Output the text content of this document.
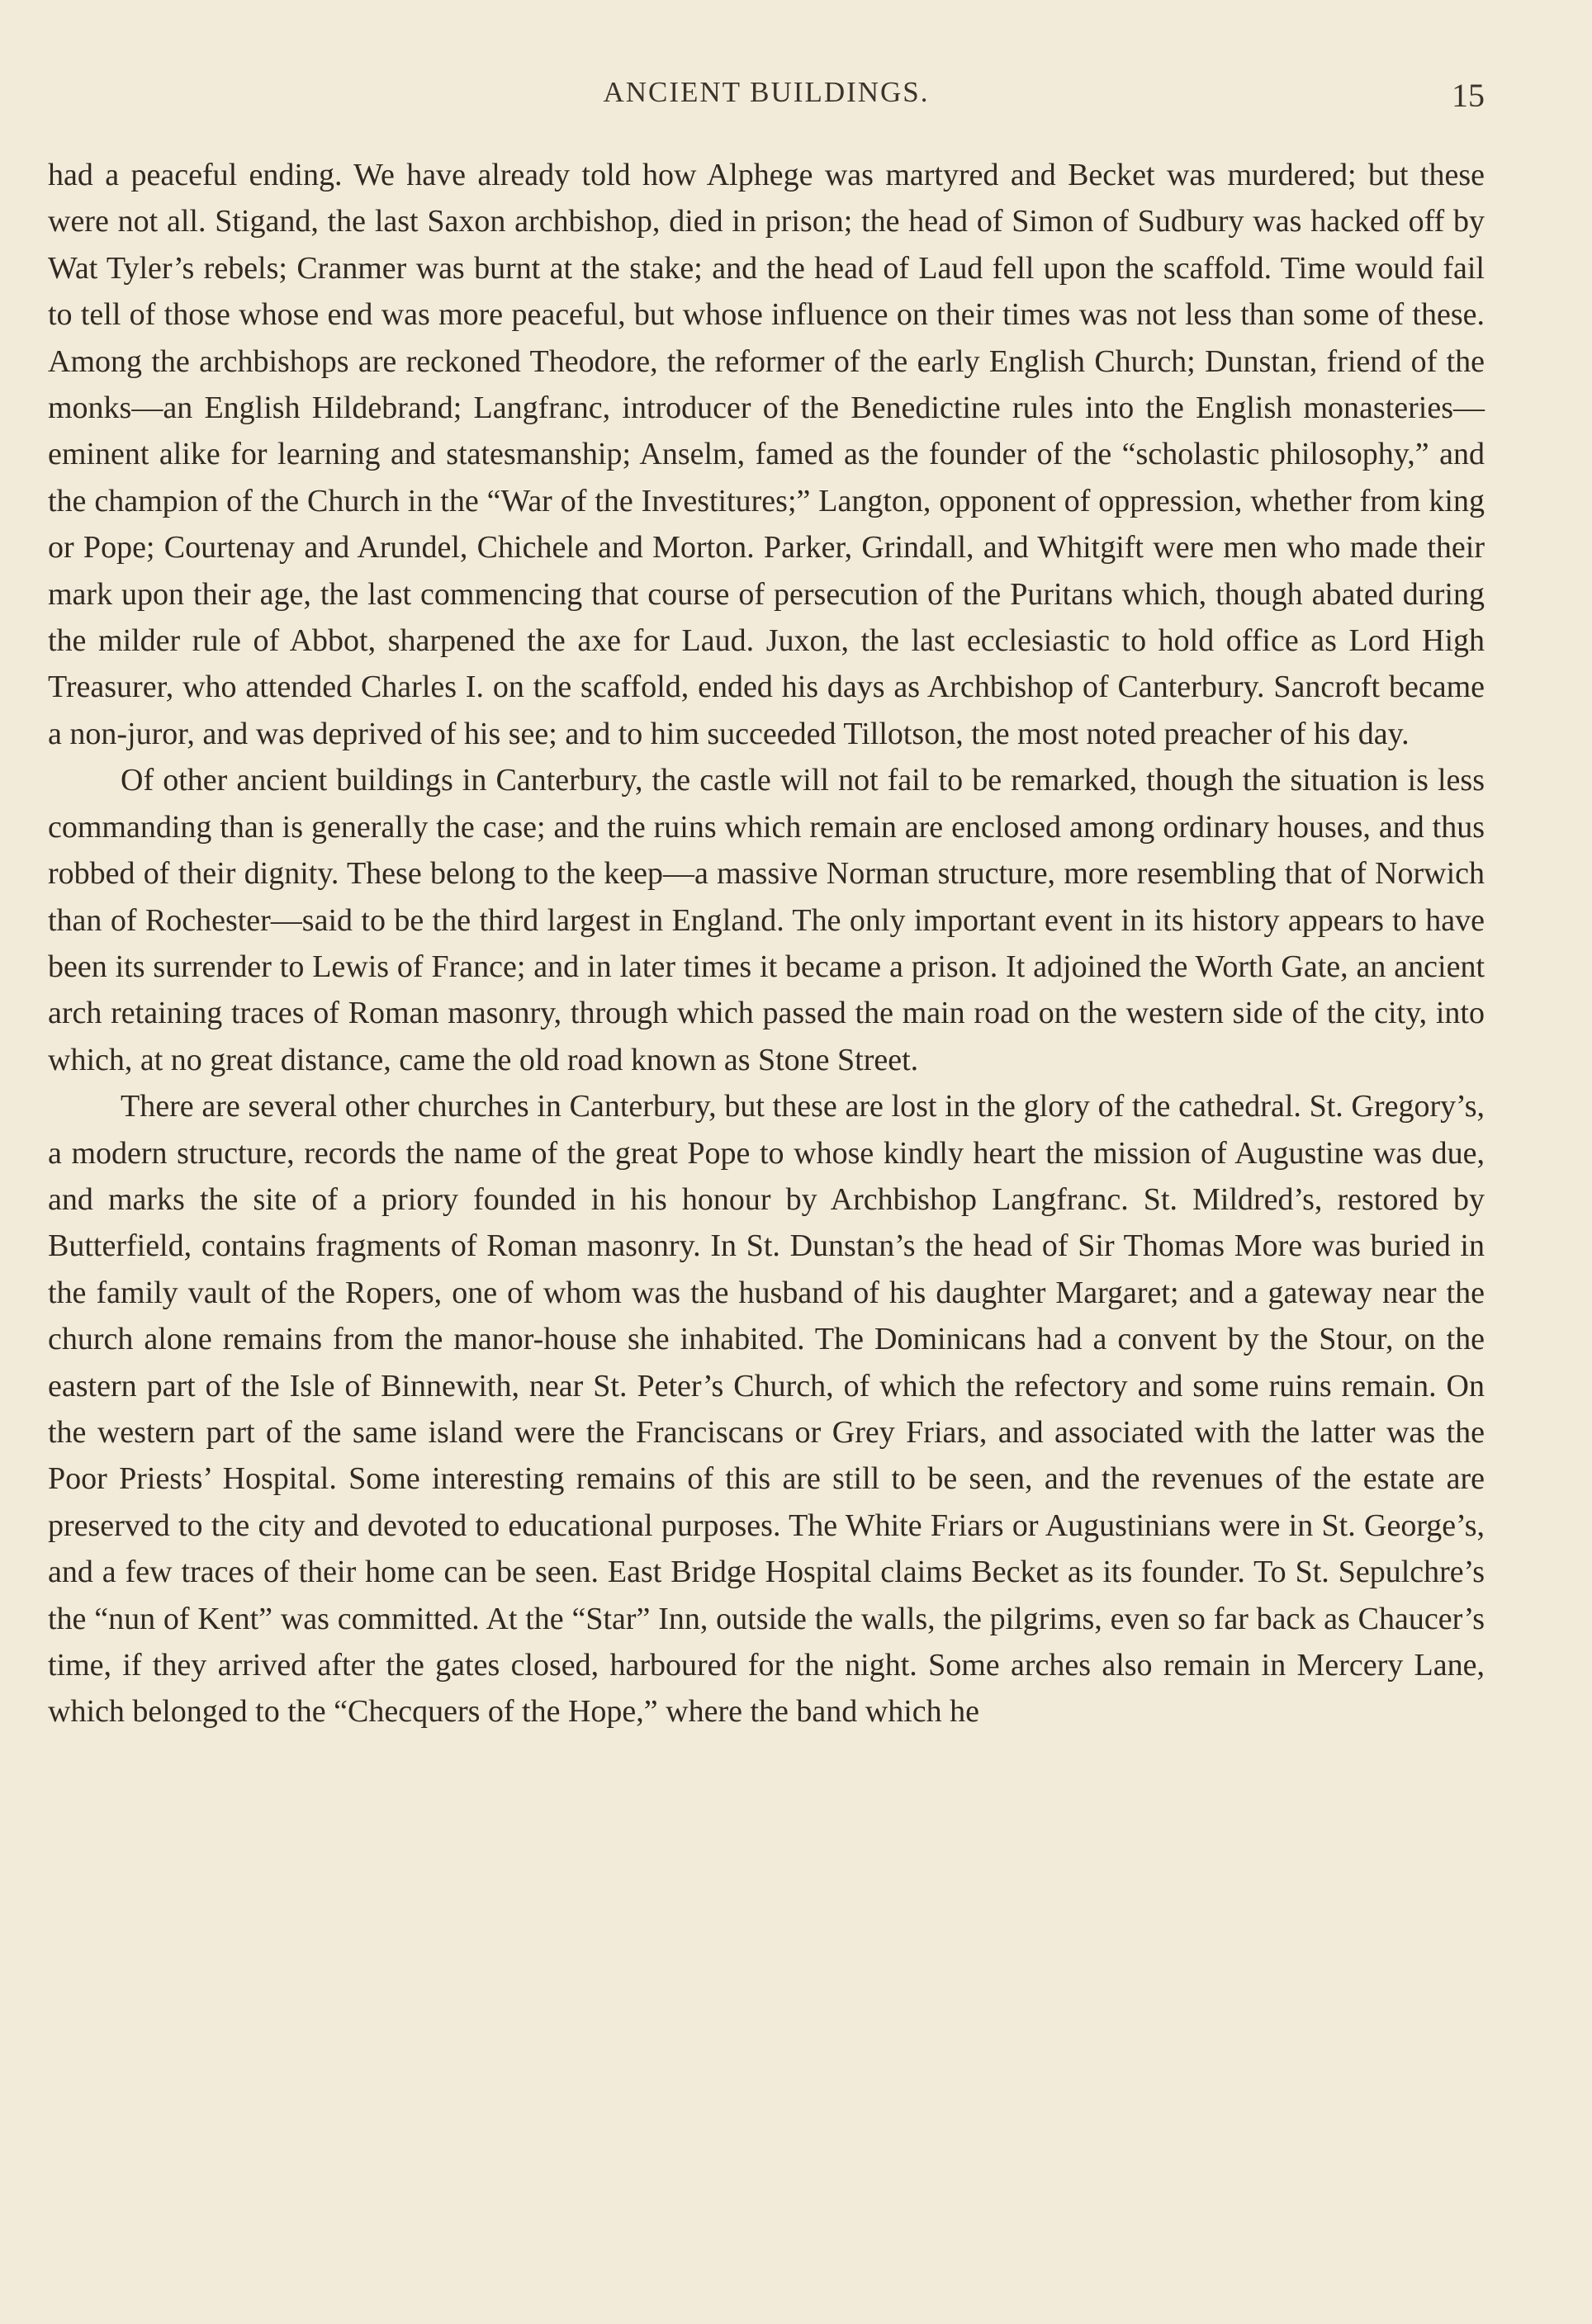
ANCIENT BUILDINGS.	15

had a peaceful ending. We have already told how Alphege was martyred and Becket was murdered; but these were not all. Stigand, the last Saxon archbishop, died in prison; the head of Simon of Sudbury was hacked off by Wat Tyler’s rebels; Cranmer was burnt at the stake; and the head of Laud fell upon the scaffold. Time would fail to tell of those whose end was more peaceful, but whose influence on their times was not less than some of these. Among the archbishops are reckoned Theodore, the reformer of the early English Church; Dunstan, friend of the monks—an English Hildebrand; Langfranc, introducer of the Benedictine rules into the English monasteries—eminent alike for learning and statesmanship; Anselm, famed as the founder of the “scholastic philosophy,” and the champion of the Church in the “War of the Investitures;” Langton, opponent of oppression, whether from king or Pope; Courtenay and Arundel, Chichele and Morton. Parker, Grindall, and Whitgift were men who made their mark upon their age, the last commencing that course of persecution of the Puritans which, though abated during the milder rule of Abbot, sharpened the axe for Laud. Juxon, the last ecclesiastic to hold office as Lord High Treasurer, who attended Charles I. on the scaffold, ended his days as Archbishop of Canterbury. Sancroft became a non-juror, and was deprived of his see; and to him succeeded Tillotson, the most noted preacher of his day.

Of other ancient buildings in Canterbury, the castle will not fail to be remarked, though the situation is less commanding than is generally the case; and the ruins which remain are enclosed among ordinary houses, and thus robbed of their dignity. These belong to the keep—a massive Norman structure, more resembling that of Norwich than of Rochester—said to be the third largest in England. The only important event in its history appears to have been its surrender to Lewis of France; and in later times it became a prison. It adjoined the Worth Gate, an ancient arch retaining traces of Roman masonry, through which passed the main road on the western side of the city, into which, at no great distance, came the old road known as Stone Street.

There are several other churches in Canterbury, but these are lost in the glory of the cathedral. St. Gregory’s, a modern structure, records the name of the great Pope to whose kindly heart the mission of Augustine was due, and marks the site of a priory founded in his honour by Archbishop Langfranc. St. Mildred’s, restored by Butterfield, contains fragments of Roman masonry. In St. Dunstan’s the head of Sir Thomas More was buried in the family vault of the Ropers, one of whom was the husband of his daughter Margaret; and a gateway near the church alone remains from the manor-house she inhabited. The Dominicans had a convent by the Stour, on the eastern part of the Isle of Binnewith, near St. Peter’s Church, of which the refectory and some ruins remain. On the western part of the same island were the Franciscans or Grey Friars, and associated with the latter was the Poor Priests’ Hospital. Some interesting remains of this are still to be seen, and the revenues of the estate are preserved to the city and devoted to educational purposes. The White Friars or Augustinians were in St. George’s, and a few traces of their home can be seen. East Bridge Hospital claims Becket as its founder. To St. Sepulchre’s the “nun of Kent” was committed. At the “Star” Inn, outside the walls, the pilgrims, even so far back as Chaucer’s time, if they arrived after the gates closed, harboured for the night. Some arches also remain in Mercery Lane, which belonged to the “Checquers of the Hope,” where the band which he
